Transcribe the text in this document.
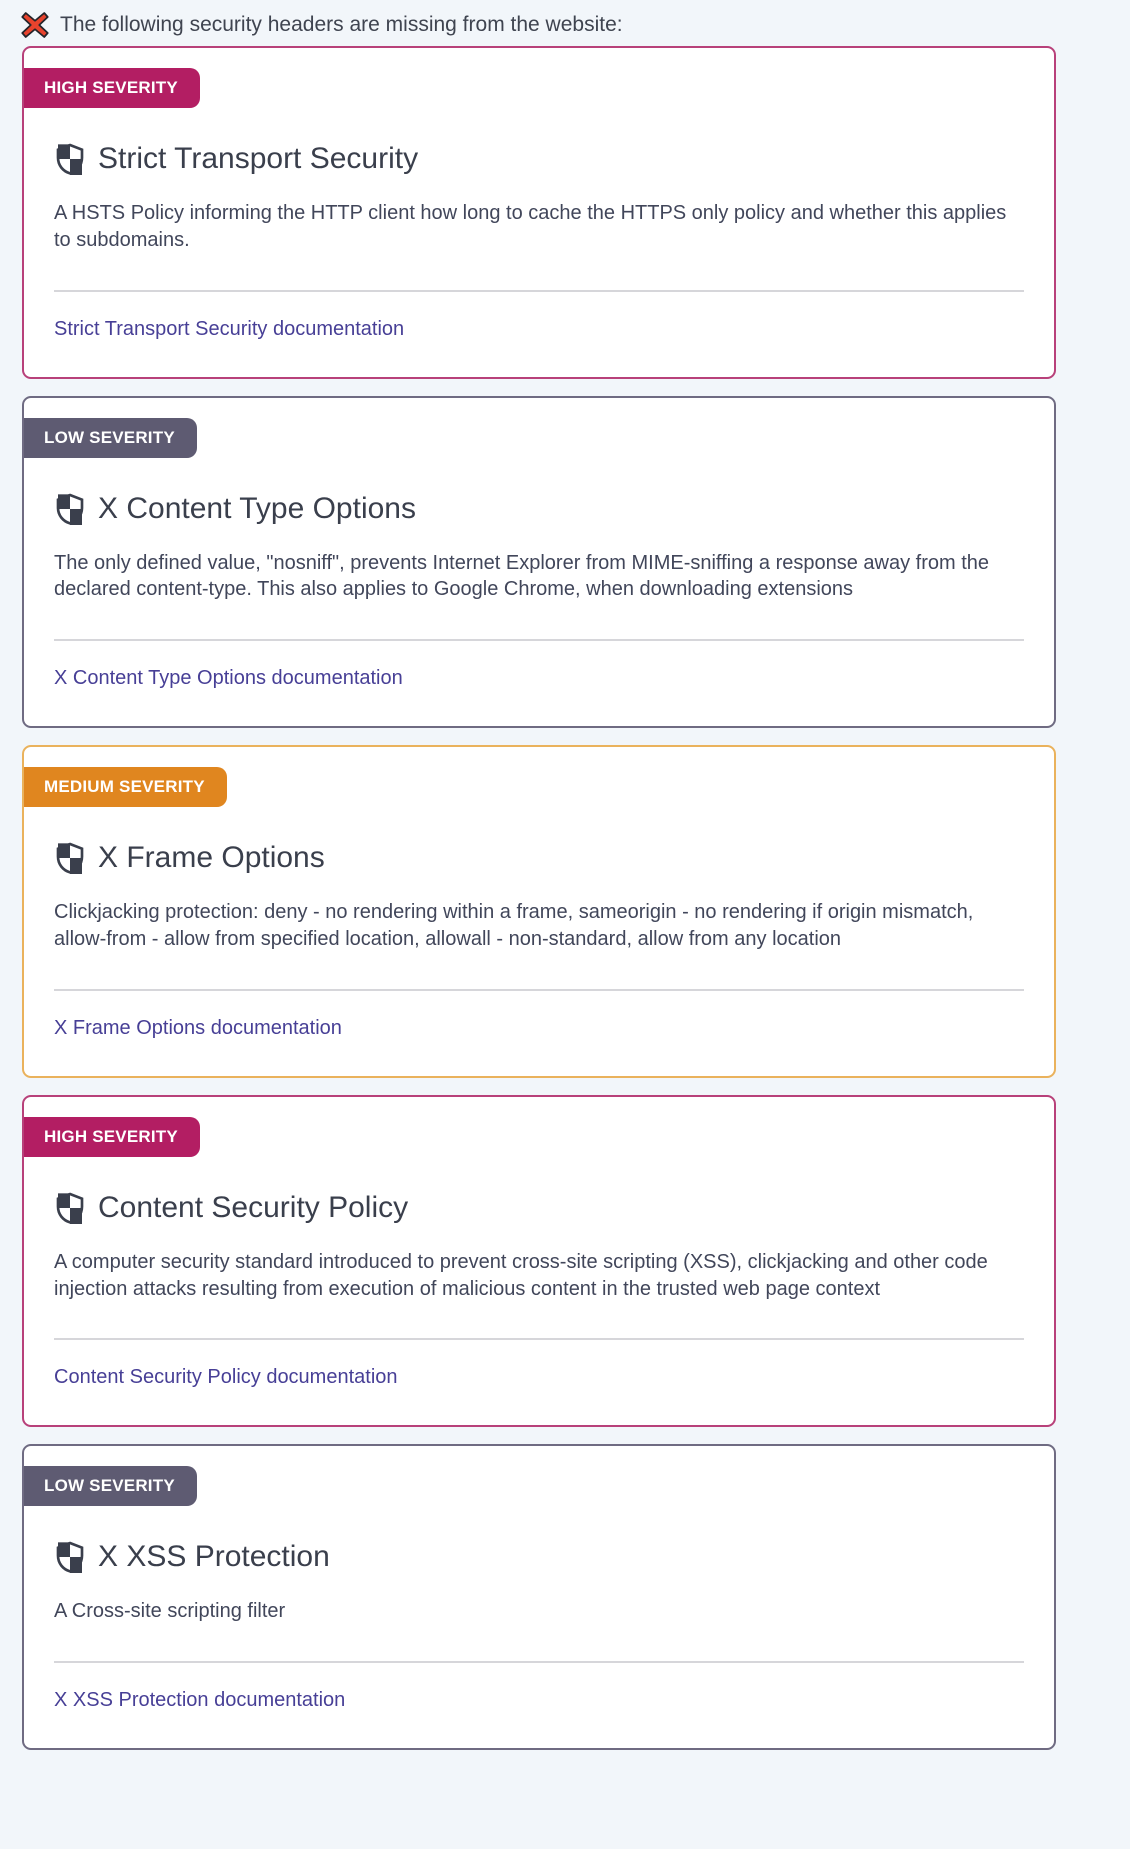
The following security headers are missing from the website:
HIGH SEVERITY
Strict Transport Security

A HSTS Policy informing the HTTP client how long to cache the HTTPS only policy and whether this applies to subdomains.

Strict Transport Security documentation
LOW SEVERITY
X Content Type Options

The only defined value, "nosniff", prevents Internet Explorer from MIME-sniffing a response away from the declared content-type. This also applies to Google Chrome, when downloading extensions

X Content Type Options documentation
MEDIUM SEVERITY
X Frame Options

Clickjacking protection: deny - no rendering within a frame, sameorigin - no rendering if origin mismatch, allow-from - allow from specified location, allowall - non-standard, allow from any location

X Frame Options documentation
HIGH SEVERITY
Content Security Policy

A computer security standard introduced to prevent cross-site scripting (XSS), clickjacking and other code injection attacks resulting from execution of malicious content in the trusted web page context

Content Security Policy documentation
LOW SEVERITY
X XSS Protection

A Cross-site scripting filter

X XSS Protection documentation
